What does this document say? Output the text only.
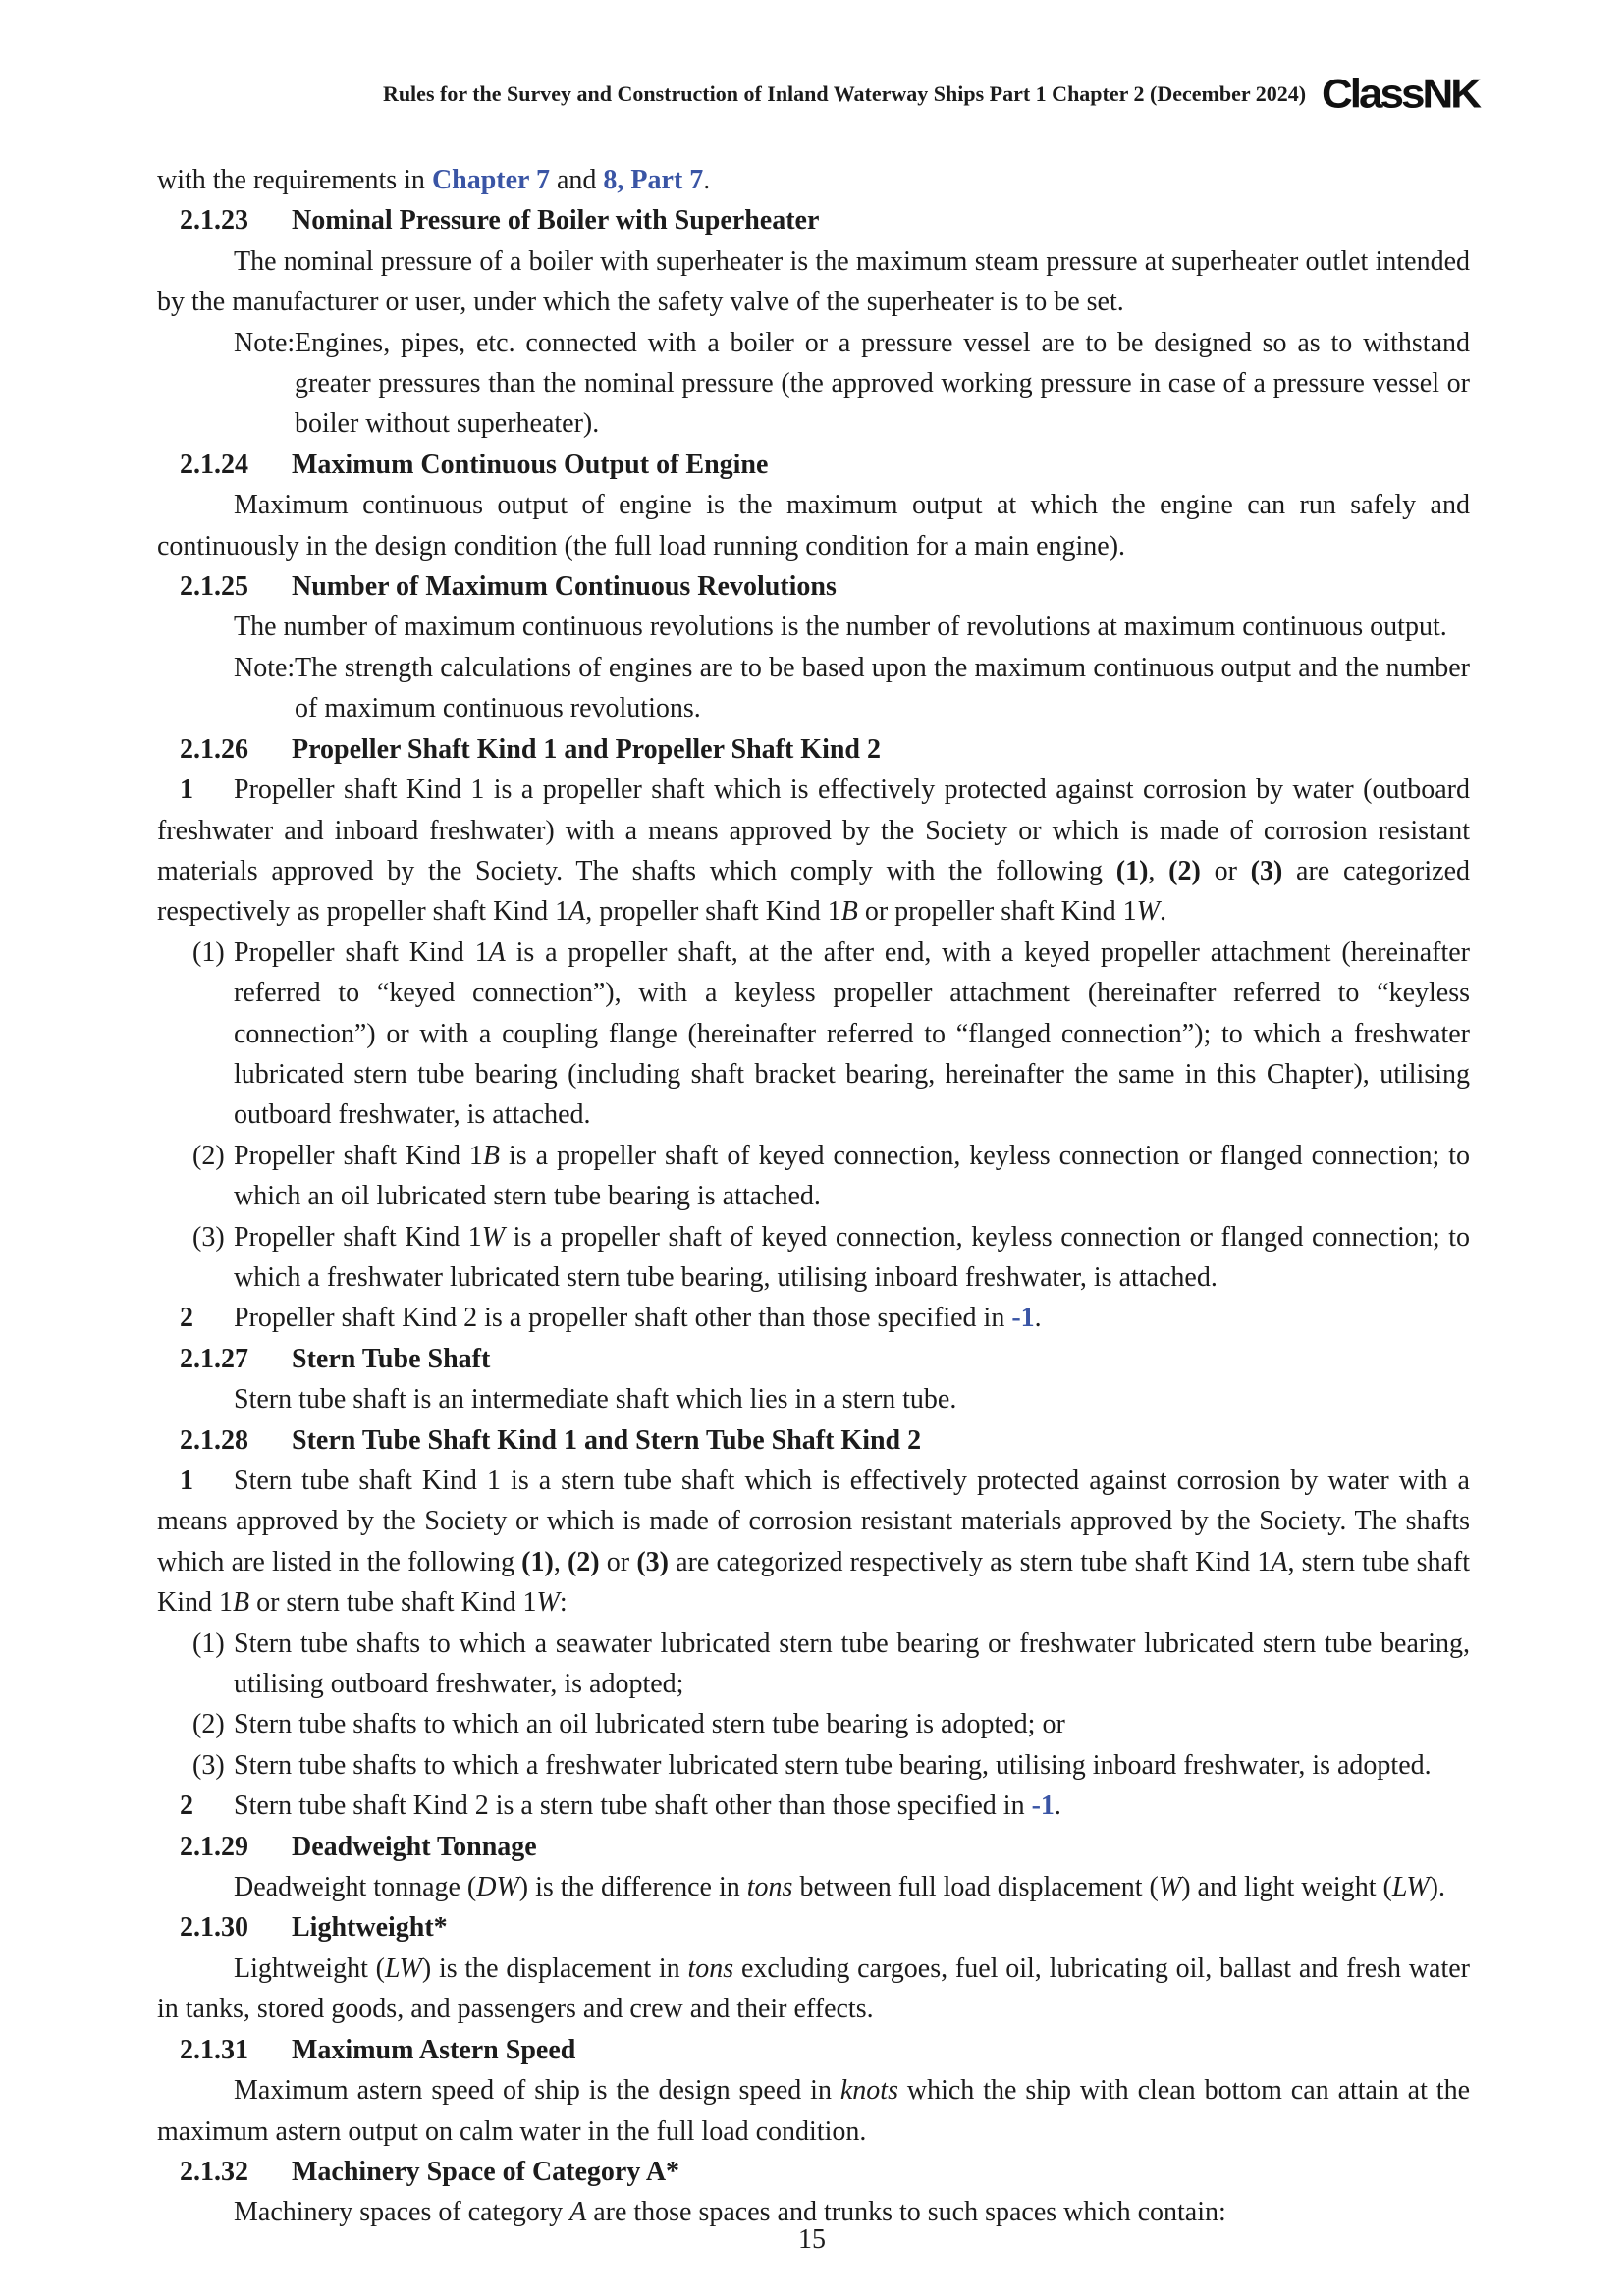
Rules for the Survey and Construction of Inland Waterway Ships Part 1 Chapter 2 (December 2024) ClassNK
with the requirements in Chapter 7 and 8, Part 7.
2.1.23 Nominal Pressure of Boiler with Superheater
The nominal pressure of a boiler with superheater is the maximum steam pressure at superheater outlet intended by the manufacturer or user, under which the safety valve of the superheater is to be set.
Note:Engines, pipes, etc. connected with a boiler or a pressure vessel are to be designed so as to withstand greater pressures than the nominal pressure (the approved working pressure in case of a pressure vessel or boiler without superheater).
2.1.24 Maximum Continuous Output of Engine
Maximum continuous output of engine is the maximum output at which the engine can run safely and continuously in the design condition (the full load running condition for a main engine).
2.1.25 Number of Maximum Continuous Revolutions
The number of maximum continuous revolutions is the number of revolutions at maximum continuous output.
Note:The strength calculations of engines are to be based upon the maximum continuous output and the number of maximum continuous revolutions.
2.1.26 Propeller Shaft Kind 1 and Propeller Shaft Kind 2
1 Propeller shaft Kind 1 is a propeller shaft which is effectively protected against corrosion by water (outboard freshwater and inboard freshwater) with a means approved by the Society or which is made of corrosion resistant materials approved by the Society. The shafts which comply with the following (1), (2) or (3) are categorized respectively as propeller shaft Kind 1A, propeller shaft Kind 1B or propeller shaft Kind 1W.
(1) Propeller shaft Kind 1A is a propeller shaft, at the after end, with a keyed propeller attachment (hereinafter referred to “keyed connection”), with a keyless propeller attachment (hereinafter referred to “keyless connection”) or with a coupling flange (hereinafter referred to “flanged connection”); to which a freshwater lubricated stern tube bearing (including shaft bracket bearing, hereinafter the same in this Chapter), utilising outboard freshwater, is attached.
(2) Propeller shaft Kind 1B is a propeller shaft of keyed connection, keyless connection or flanged connection; to which an oil lubricated stern tube bearing is attached.
(3) Propeller shaft Kind 1W is a propeller shaft of keyed connection, keyless connection or flanged connection; to which a freshwater lubricated stern tube bearing, utilising inboard freshwater, is attached.
2 Propeller shaft Kind 2 is a propeller shaft other than those specified in -1.
2.1.27 Stern Tube Shaft
Stern tube shaft is an intermediate shaft which lies in a stern tube.
2.1.28 Stern Tube Shaft Kind 1 and Stern Tube Shaft Kind 2
1 Stern tube shaft Kind 1 is a stern tube shaft which is effectively protected against corrosion by water with a means approved by the Society or which is made of corrosion resistant materials approved by the Society. The shafts which are listed in the following (1), (2) or (3) are categorized respectively as stern tube shaft Kind 1A, stern tube shaft Kind 1B or stern tube shaft Kind 1W:
(1) Stern tube shafts to which a seawater lubricated stern tube bearing or freshwater lubricated stern tube bearing, utilising outboard freshwater, is adopted;
(2) Stern tube shafts to which an oil lubricated stern tube bearing is adopted; or
(3) Stern tube shafts to which a freshwater lubricated stern tube bearing, utilising inboard freshwater, is adopted.
2 Stern tube shaft Kind 2 is a stern tube shaft other than those specified in -1.
2.1.29 Deadweight Tonnage
Deadweight tonnage (DW) is the difference in tons between full load displacement (W) and light weight (LW).
2.1.30 Lightweight*
Lightweight (LW) is the displacement in tons excluding cargoes, fuel oil, lubricating oil, ballast and fresh water in tanks, stored goods, and passengers and crew and their effects.
2.1.31 Maximum Astern Speed
Maximum astern speed of ship is the design speed in knots which the ship with clean bottom can attain at the maximum astern output on calm water in the full load condition.
2.1.32 Machinery Space of Category A*
Machinery spaces of category A are those spaces and trunks to such spaces which contain:
15
